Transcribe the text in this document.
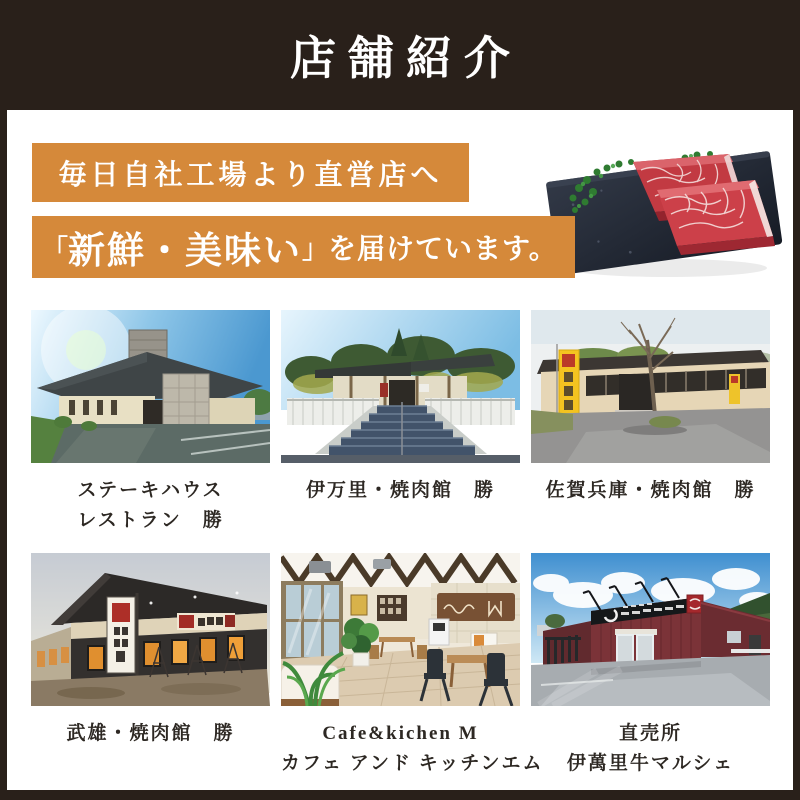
店舗紹介
毎日自社工場より直営店へ
「 新鮮・美味い 」 を届けています。
ステーキハウス
レストラン　勝
伊万里・焼肉館　勝	佐賀兵庫・焼肉館　勝
武雄・焼肉館　勝	Cafe&kichen M
カフェ アンド キッチンエム
直売所
伊萬里牛マルシェ
